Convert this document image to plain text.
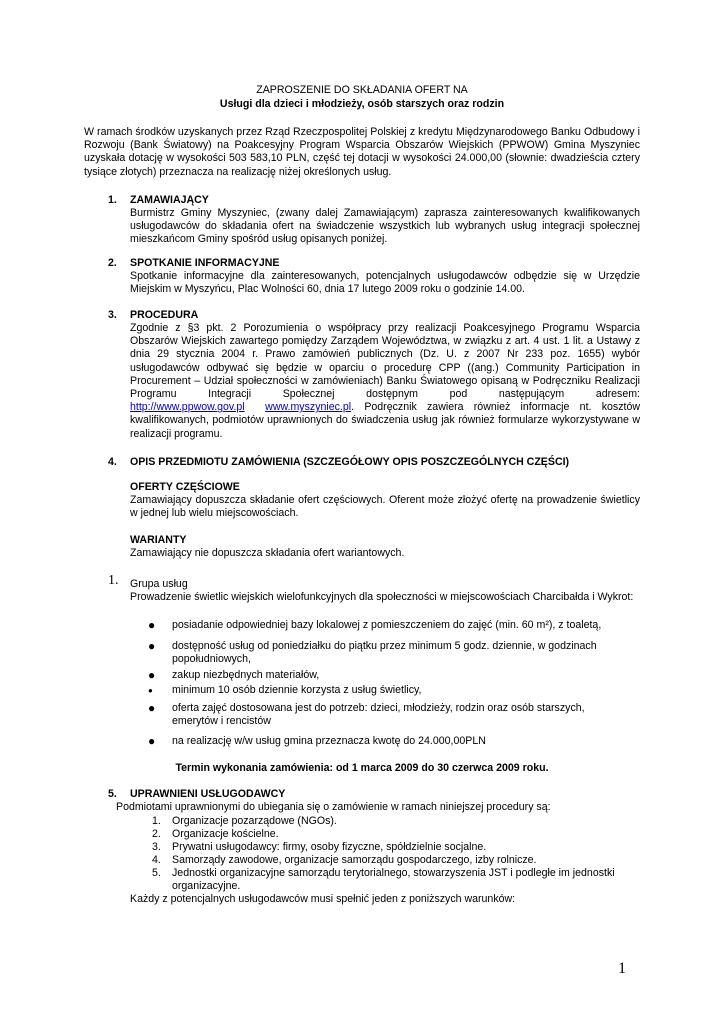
ZAPROSZENIE DO SKŁADANIA OFERT NA
Usługi dla dzieci i młodzieży, osób starszych oraz rodzin
W ramach środków uzyskanych przez Rząd Rzeczpospolitej Polskiej z kredytu Międzynarodowego Banku Odbudowy i Rozwoju (Bank Światowy) na Poakcesyjny Program Wsparcia Obszarów Wiejskich (PPWOW) Gmina Myszyniec uzyskała dotację w wysokości 503 583,10 PLN, część tej dotacji w wysokości 24.000,00 (słownie: dwadzieścia cztery tysiące złotych) przeznacza na realizację niżej określonych usług.
1. ZAMAWIAJĄCY
Burmistrz Gminy Myszyniec, (zwany dalej Zamawiającym) zaprasza zainteresowanych kwalifikowanych usługodawców do składania ofert na świadczenie wszystkich lub wybranych usług integracji społecznej mieszkańcom Gminy spośród usług opisanych poniżej.
2. SPOTKANIE INFORMACYJNE
Spotkanie informacyjne dla zainteresowanych, potencjalnych usługodawców odbędzie się w Urzędzie Miejskim w Myszyńcu, Plac Wolności 60, dnia 17 lutego 2009 roku o godzinie 14.00.
3. PROCEDURA
Zgodnie z §3 pkt. 2 Porozumienia o współpracy przy realizacji Poakcesyjnego Programu Wsparcia Obszarów Wiejskich zawartego pomiędzy Zarządem Województwa, w związku z art. 4 ust. 1 lit. a Ustawy z dnia 29 stycznia 2004 r. Prawo zamówień publicznych (Dz. U. z 2007 Nr 233 poz. 1655) wybór usługodawców odbywać się będzie w oparciu o procedurę CPP ((ang.) Community Participation in Procurement – Udział społeczności w zamówieniach) Banku Światowego opisaną w Podręczniku Realizacji Programu Integracji Społecznej dostępnym pod następującym adresem: http://www.ppwow.gov.pl www.myszyniec.pl. Podręcznik zawiera również informacje nt. kosztów kwalifikowanych, podmiotów uprawnionych do świadczenia usług jak również formularze wykorzystywane w realizacji programu.
4. OPIS PRZEDMIOTU ZAMÓWIENIA (SZCZEGÓŁOWY OPIS POSZCZEGÓLNYCH CZĘŚCI)
OFERTY CZĘŚCIOWE
Zamawiający dopuszcza składanie ofert częściowych. Oferent może złożyć ofertę na prowadzenie świetlicy w jednej lub wielu miejscowościach.
WARIANTY
Zamawiający nie dopuszcza składania ofert wariantowych.
1. Grupa usług
Prowadzenie świetlic wiejskich wielofunkcyjnych dla społeczności w miejscowościach Charcibałda i Wykrot:
● posiadanie odpowiedniej bazy lokalowej z pomieszczeniem do zajęć (min. 60 m²), z toaletą,
● dostępność usług od poniedziałku do piątku przez minimum 5 godz. dziennie, w godzinach popołudniowych,
● zakup niezbędnych materiałów,
● minimum 10 osób dziennie korzysta z usług świetlicy,
● oferta zajęć dostosowana jest do potrzeb: dzieci, młodzieży, rodzin oraz osób starszych, emerytów i rencistów
● na realizację w/w usług gmina przeznacza kwotę do 24.000,00PLN
Termin wykonania zamówienia: od 1 marca 2009 do 30 czerwca 2009 roku.
5. UPRAWNIENI USŁUGODAWCY
Podmiotami uprawnionymi do ubiegania się o zamówienie w ramach niniejszej procedury są:
1. Organizacje pozarządowe (NGOs).
2. Organizacje kościelne.
3. Prywatni usługodawcy: firmy, osoby fizyczne, spółdzielnie socjalne.
4. Samorządy zawodowe, organizacje samorządu gospodarczego, izby rolnicze.
5. Jednostki organizacyjne samorządu terytorialnego, stowarzyszenia JST i podległe im jednostki organizacyjne.
Każdy z potencjalnych usługodawców musi spełnić jeden z poniższych warunków:
1
